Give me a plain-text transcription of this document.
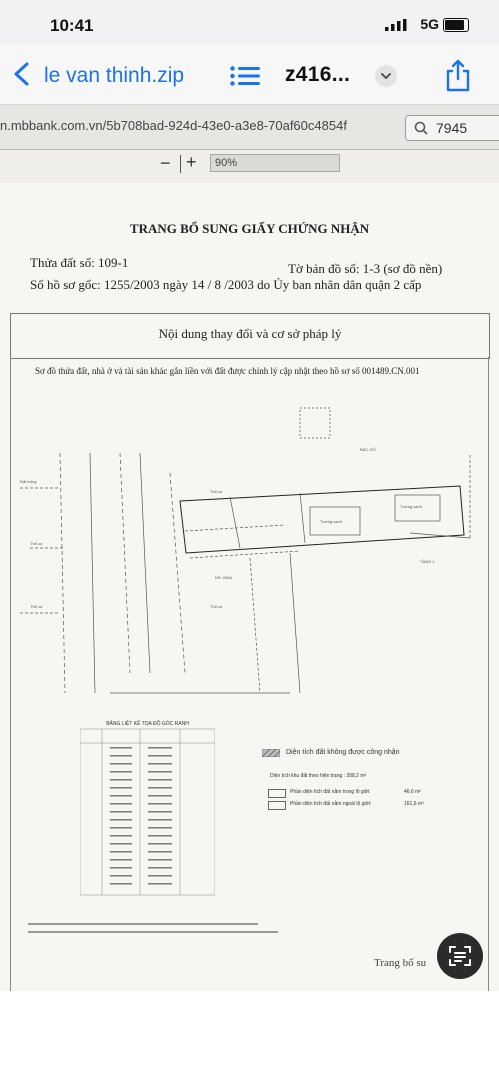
10:41	5G
le van thinh.zip	z416...
n.mbbank.com.vn/5b708bad-924d-43e0-a3e8-70af60c4854f	7945
− +	90%
TRANG BỔ SUNG GIẤY CHỨNG NHẬN
Thửa đất số: 109-1	Tờ bản đồ số: 1-3 (sơ đồ nền)
Số hồ sơ gốc: 1255/2003 ngày 14 / 8 /2003 do Ủy ban nhân dân quận 2 cấp
Nội dung thay đổi và cơ sở pháp lý
Sơ đồ thửa đất, nhà ở và tài sản khác gắn liền với đất được chỉnh lý cập nhật theo hồ sơ số 001489.CN.001
Đất trống
Thổ cư
Thổ cư
Thổ cư
BẮC GỖ
TẦNG 1
Thổ cư
NS: 265A
Tường cạnh
Tường cạnh
BẢNG LIỆT KÊ TỌA ĐỘ GÓC RANH
Diện tích đất không được công nhận
Diện tích khu đất theo hiện trạng : 208,2 m²
Phần diện tích đất nằm trong lộ giới:	46,6 m²
Phần diện tích đất nằm ngoài lộ giới:	161,6 m²
Trang bổ su
